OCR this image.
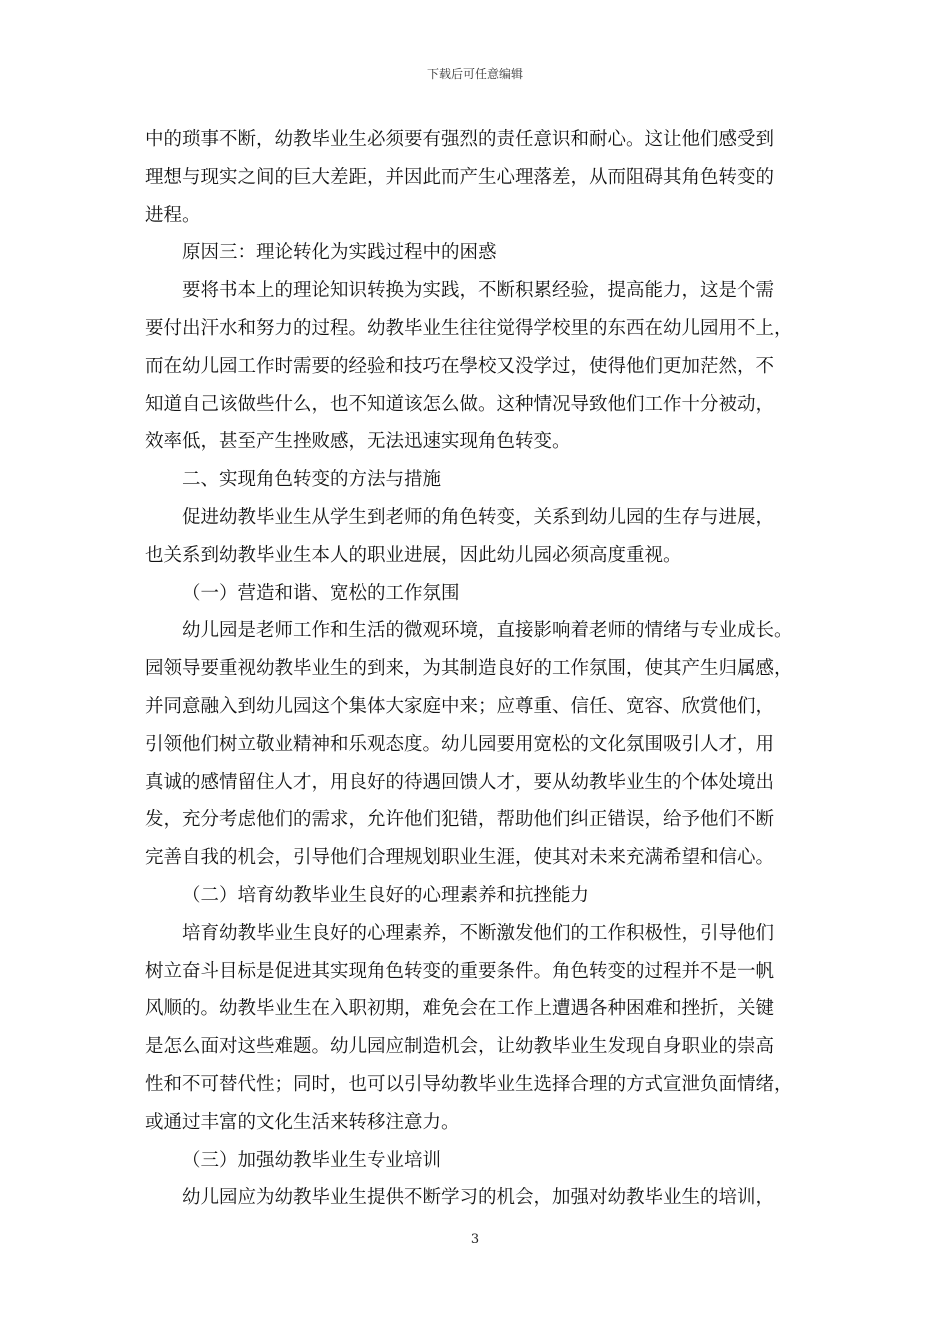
下载后可任意编辑
中的琐事不断，幼教毕业生必须要有强烈的责任意识和耐心。这让他们感受到
理想与现实之间的巨大差距，并因此而产生心理落差，从而阻碍其角色转变的
进程。
原因三：理论转化为实践过程中的困惑
要将书本上的理论知识转换为实践，不断积累经验，提高能力，这是个需
要付出汗水和努力的过程。幼教毕业生往往觉得学校里的东西在幼儿园用不上，
而在幼儿园工作时需要的经验和技巧在學校又没学过，使得他们更加茫然，不
知道自己该做些什么，也不知道该怎么做。这种情况导致他们工作十分被动，
效率低，甚至产生挫败感，无法迅速实现角色转变。
二、实现角色转变的方法与措施
促进幼教毕业生从学生到老师的角色转变，关系到幼儿园的生存与进展，
也关系到幼教毕业生本人的职业进展，因此幼儿园必须高度重视。
（一）营造和谐、宽松的工作氛围
幼儿园是老师工作和生活的微观环境，直接影响着老师的情绪与专业成长。
园领导要重视幼教毕业生的到来，为其制造良好的工作氛围，使其产生归属感，
并同意融入到幼儿园这个集体大家庭中来；应尊重、信任、宽容、欣赏他们，
引领他们树立敬业精神和乐观态度。幼儿园要用宽松的文化氛围吸引人才，用
真诚的感情留住人才，用良好的待遇回馈人才，要从幼教毕业生的个体处境出
发，充分考虑他们的需求，允许他们犯错，帮助他们纠正错误，给予他们不断
完善自我的机会，引导他们合理规划职业生涯，使其对未来充满希望和信心。
（二）培育幼教毕业生良好的心理素养和抗挫能力
培育幼教毕业生良好的心理素养，不断激发他们的工作积极性，引导他们
树立奋斗目标是促进其实现角色转变的重要条件。角色转变的过程并不是一帆
风顺的。幼教毕业生在入职初期，难免会在工作上遭遇各种困难和挫折，关键
是怎么面对这些难题。幼儿园应制造机会，让幼教毕业生发现自身职业的崇高
性和不可替代性；同时，也可以引导幼教毕业生选择合理的方式宣泄负面情绪，
或通过丰富的文化生活来转移注意力。
（三）加强幼教毕业生专业培训
幼儿园应为幼教毕业生提供不断学习的机会，加强对幼教毕业生的培训，
3
